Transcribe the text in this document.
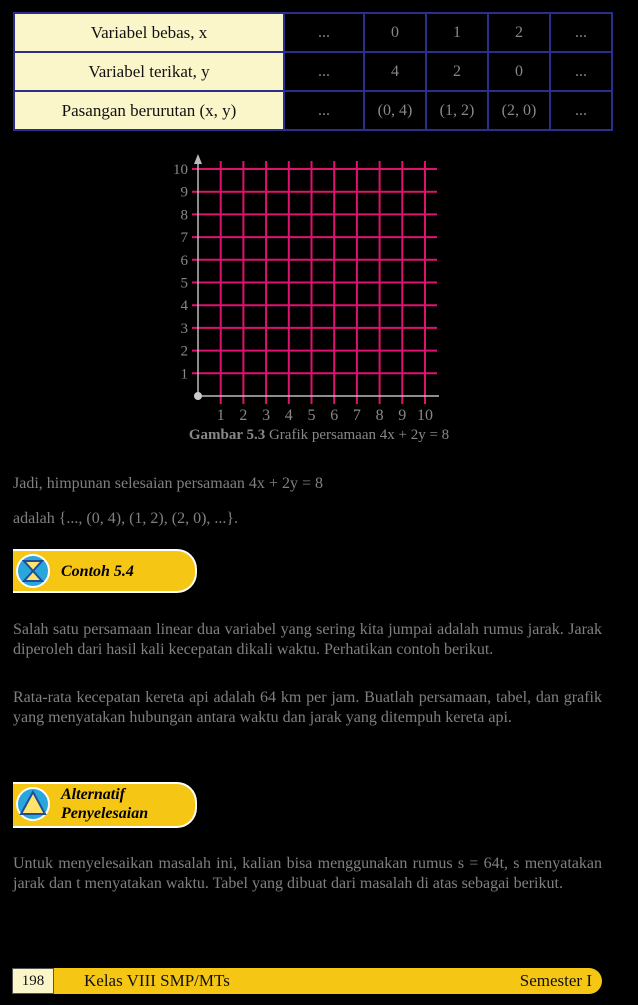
Variabel bebas, x	...	0	1	2	...
Variabel terikat, y	...	4	2	0	...
Pasangan berurutan (x, y)	...	(0, 4)	(1, 2)	(2, 0)	...
1 2 3 4 5 6 7 8 9 10
1
2
3
4
5
6
7
8
9
10
Gambar 5.3 Grafik persamaan 4x + 2y = 8
Jadi, himpunan selesaian persamaan 4x + 2y = 8
adalah {..., (0, 4), (1, 2), (2, 0), ...}.
Contoh 5.4
Salah satu persamaan linear dua variabel yang sering kita jumpai adalah rumus jarak. Jarak diperoleh dari hasil kali kecepatan dikali waktu. Perhatikan contoh berikut.
Rata-rata kecepatan kereta api adalah 64 km per jam. Buatlah persamaan, tabel, dan grafik yang menyatakan hubungan antara waktu dan jarak yang ditempuh kereta api.
Alternatif
Penyelesaian
Untuk menyelesaikan masalah ini, kalian bisa menggunakan rumus s = 64t, s menyatakan jarak dan t menyatakan waktu. Tabel yang dibuat dari masalah di atas sebagai berikut.
198	Kelas VIII SMP/MTs	Semester I
